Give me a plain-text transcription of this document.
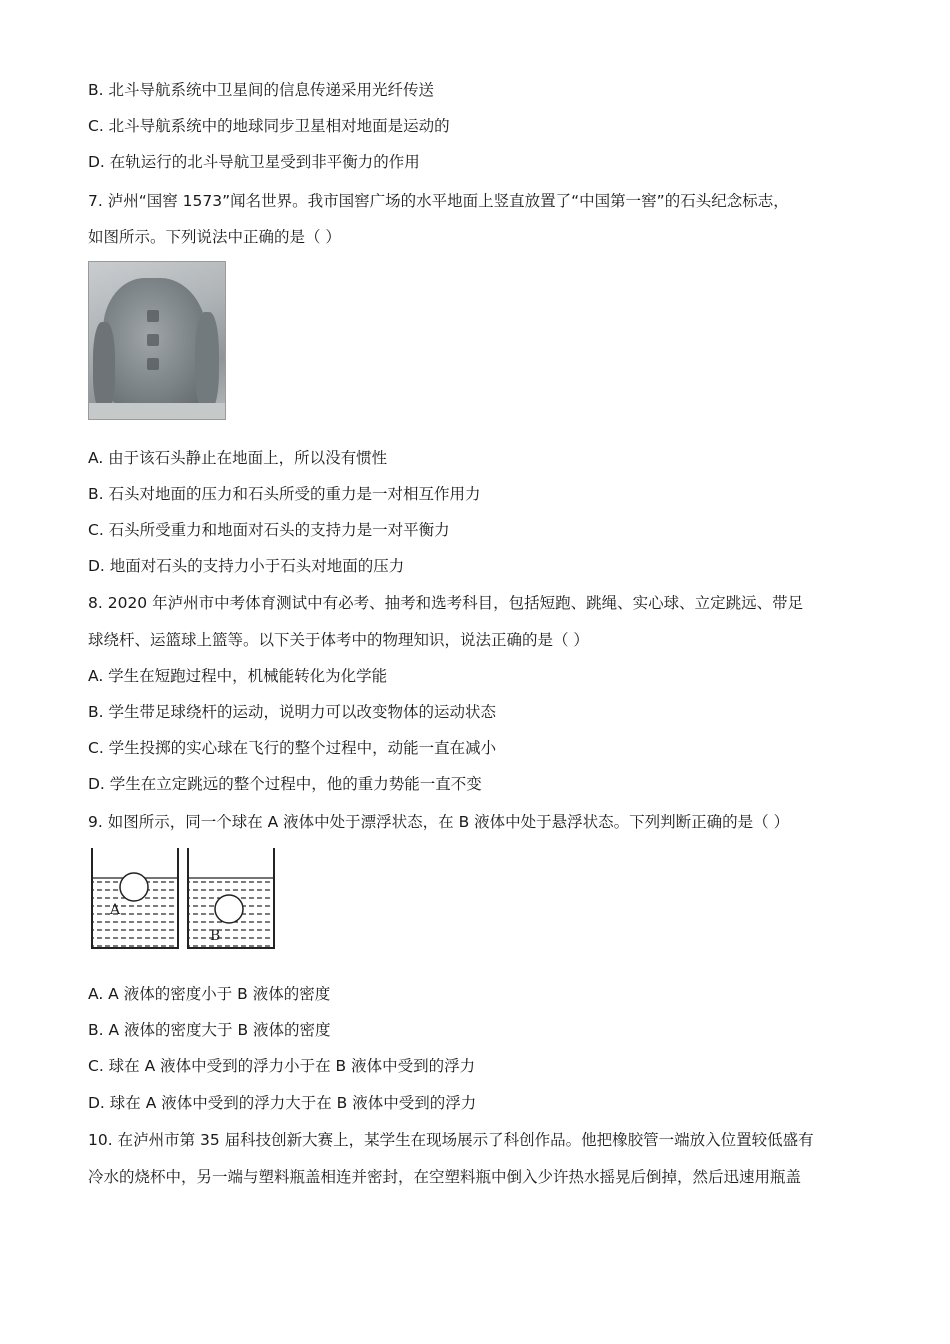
B. 北斗导航系统中卫星间的信息传递采用光纤传送
C. 北斗导航系统中的地球同步卫星相对地面是运动的
D. 在轨运行的北斗导航卫星受到非平衡力的作用
7. 泸州“国窖 1573”闻名世界。我市国窖广场的水平地面上竖直放置了“中国第一窖”的石头纪念标志，
如图所示。下列说法中正确的是（ ）
A. 由于该石头静止在地面上，所以没有惯性
B. 石头对地面的压力和石头所受的重力是一对相互作用力
C. 石头所受重力和地面对石头的支持力是一对平衡力
D. 地面对石头的支持力小于石头对地面的压力
8. 2020 年泸州市中考体育测试中有必考、抽考和选考科目，包括短跑、跳绳、实心球、立定跳远、带足
球绕杆、运篮球上篮等。以下关于体考中的物理知识，说法正确的是（ ）
A. 学生在短跑过程中，机械能转化为化学能
B. 学生带足球绕杆的运动，说明力可以改变物体的运动状态
C. 学生投掷的实心球在飞行的整个过程中，动能一直在减小
D. 学生在立定跳远的整个过程中，他的重力势能一直不变
9. 如图所示，同一个球在 A 液体中处于漂浮状态，在 B 液体中处于悬浮状态。下列判断正确的是（ ）
A
B
A. A 液体的密度小于 B 液体的密度
B. A 液体的密度大于 B 液体的密度
C. 球在 A 液体中受到的浮力小于在 B 液体中受到的浮力
D. 球在 A 液体中受到的浮力大于在 B 液体中受到的浮力
10. 在泸州市第 35 届科技创新大赛上，某学生在现场展示了科创作品。他把橡胶管一端放入位置较低盛有
冷水的烧杯中，另一端与塑料瓶盖相连并密封，在空塑料瓶中倒入少许热水摇晃后倒掉，然后迅速用瓶盖
